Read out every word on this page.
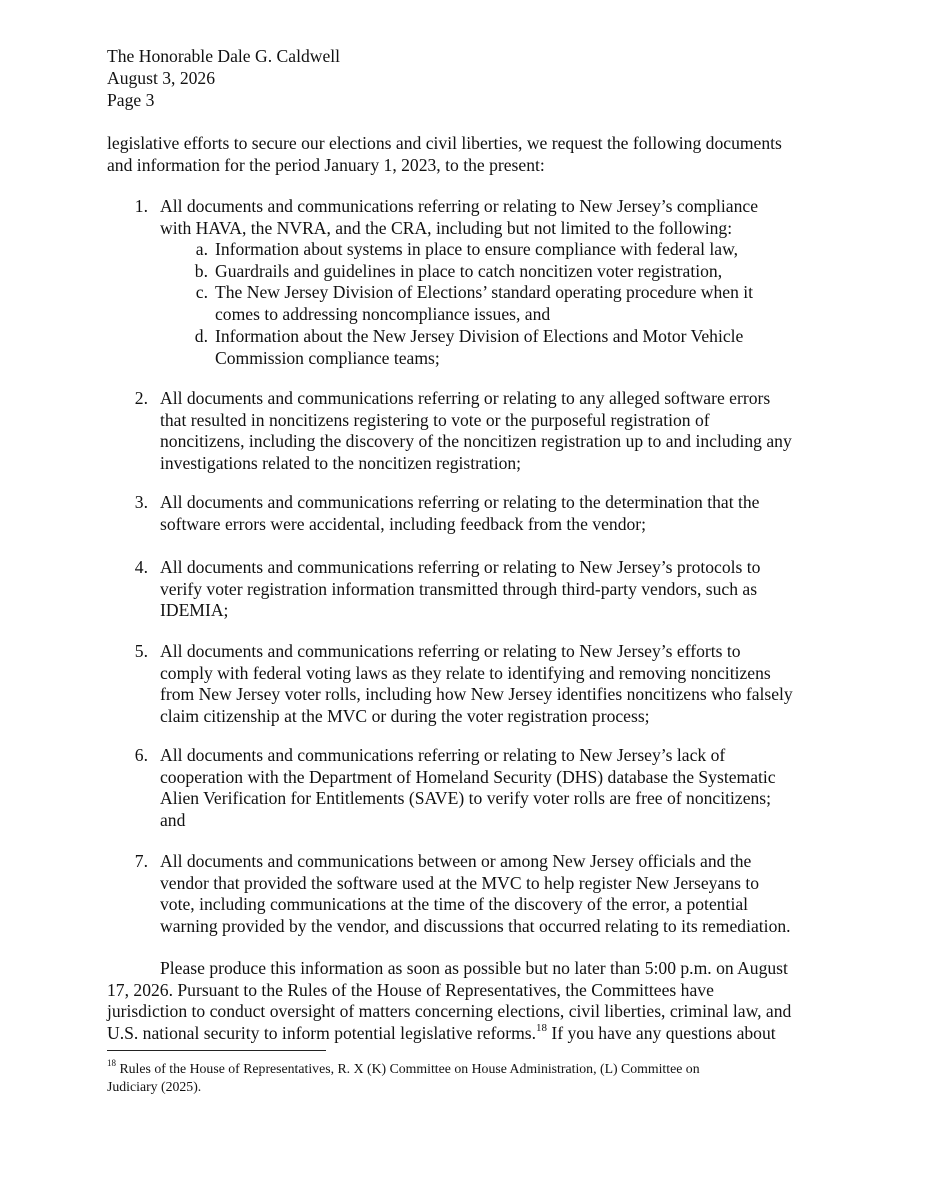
The Honorable Dale G. Caldwell
August 3, 2026
Page 3
legislative efforts to secure our elections and civil liberties, we request the following documents
and information for the period January 1, 2023, to the present:
1. All documents and communications referring or relating to New Jersey’s compliance
with HAVA, the NVRA, and the CRA, including but not limited to the following:
a. Information about systems in place to ensure compliance with federal law,
b. Guardrails and guidelines in place to catch noncitizen voter registration,
c. The New Jersey Division of Elections’ standard operating procedure when it
comes to addressing noncompliance issues, and
d. Information about the New Jersey Division of Elections and Motor Vehicle
Commission compliance teams;
2. All documents and communications referring or relating to any alleged software errors
that resulted in noncitizens registering to vote or the purposeful registration of
noncitizens, including the discovery of the noncitizen registration up to and including any
investigations related to the noncitizen registration;
3. All documents and communications referring or relating to the determination that the
software errors were accidental, including feedback from the vendor;
4. All documents and communications referring or relating to New Jersey’s protocols to
verify voter registration information transmitted through third-party vendors, such as
IDEMIA;
5. All documents and communications referring or relating to New Jersey’s efforts to
comply with federal voting laws as they relate to identifying and removing noncitizens
from New Jersey voter rolls, including how New Jersey identifies noncitizens who falsely
claim citizenship at the MVC or during the voter registration process;
6. All documents and communications referring or relating to New Jersey’s lack of
cooperation with the Department of Homeland Security (DHS) database the Systematic
Alien Verification for Entitlements (SAVE) to verify voter rolls are free of noncitizens;
and
7. All documents and communications between or among New Jersey officials and the
vendor that provided the software used at the MVC to help register New Jerseyans to
vote, including communications at the time of the discovery of the error, a potential
warning provided by the vendor, and discussions that occurred relating to its remediation.
Please produce this information as soon as possible but no later than 5:00 p.m. on August
17, 2026. Pursuant to the Rules of the House of Representatives, the Committees have
jurisdiction to conduct oversight of matters concerning elections, civil liberties, criminal law, and
U.S. national security to inform potential legislative reforms.$^{18}$ If you have any questions about
$^{18}$ Rules of the House of Representatives, R. X (K) Committee on House Administration, (L) Committee on
Judiciary (2025).
